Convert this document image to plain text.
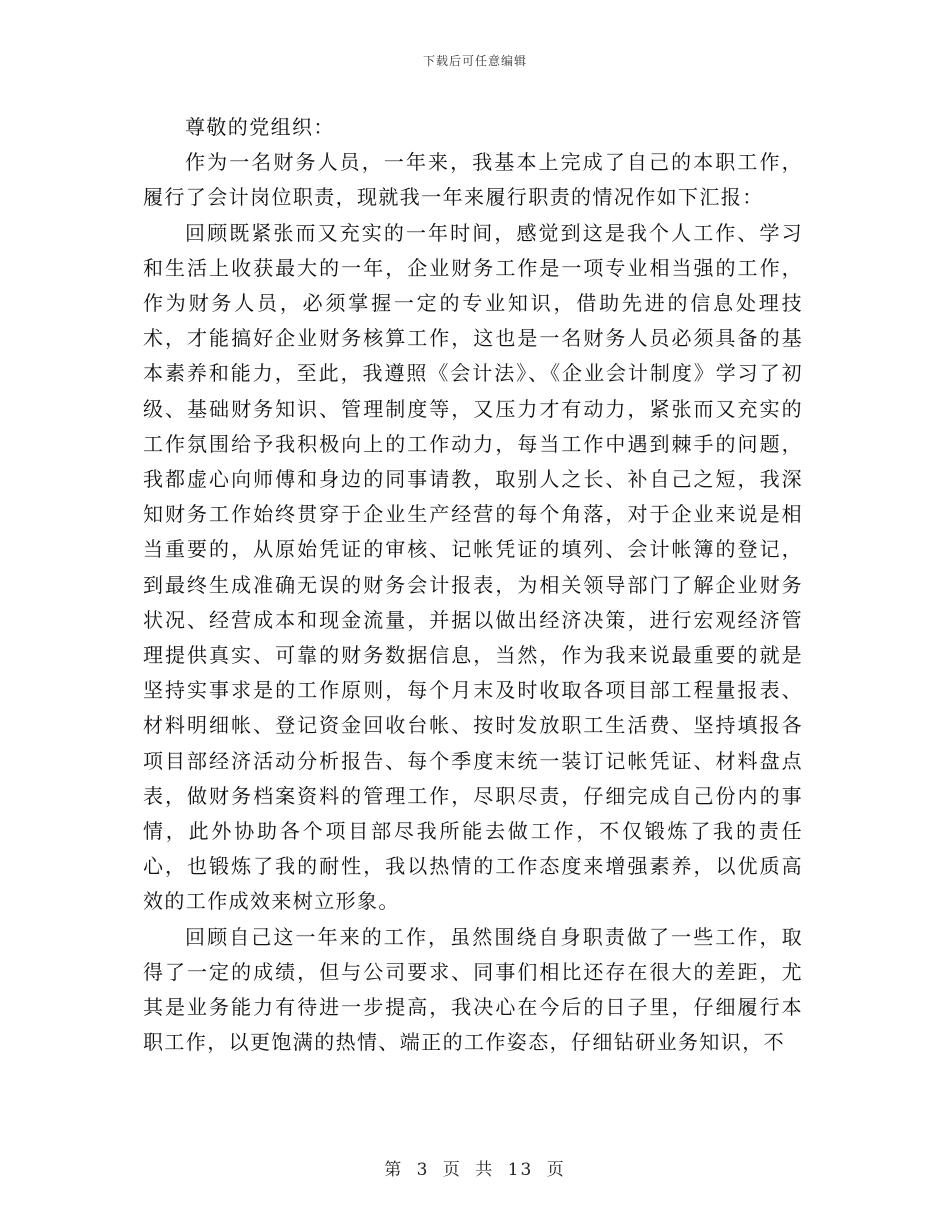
下载后可任意编辑

尊敬的党组织：

作为一名财务人员，一年来，我基本上完成了自己的本职工作，履行了会计岗位职责，现就我一年来履行职责的情况作如下汇报：

回顾既紧张而又充实的一年时间，感觉到这是我个人工作、学习和生活上收获最大的一年，企业财务工作是一项专业相当强的工作，作为财务人员，必须掌握一定的专业知识，借助先进的信息处理技术，才能搞好企业财务核算工作，这也是一名财务人员必须具备的基本素养和能力，至此，我遵照《会计法》、《企业会计制度》学习了初级、基础财务知识、管理制度等，又压力才有动力，紧张而又充实的工作氛围给予我积极向上的工作动力，每当工作中遇到棘手的问题，我都虚心向师傅和身边的同事请教，取别人之长、补自己之短，我深知财务工作始终贯穿于企业生产经营的每个角落，对于企业来说是相当重要的，从原始凭证的审核、记帐凭证的填列、会计帐簿的登记，到最终生成准确无误的财务会计报表，为相关领导部门了解企业财务状况、经营成本和现金流量，并据以做出经济决策，进行宏观经济管理提供真实、可靠的财务数据信息，当然，作为我来说最重要的就是坚持实事求是的工作原则，每个月末及时收取各项目部工程量报表、材料明细帐、登记资金回收台帐、按时发放职工生活费、坚持填报各项目部经济活动分析报告、每个季度末统一装订记帐凭证、材料盘点表，做财务档案资料的管理工作，尽职尽责，仔细完成自己份内的事情，此外协助各个项目部尽我所能去做工作，不仅锻炼了我的责任心，也锻炼了我的耐性，我以热情的工作态度来增强素养，以优质高效的工作成效来树立形象。

回顾自己这一年来的工作，虽然围绕自身职责做了一些工作，取得了一定的成绩，但与公司要求、同事们相比还存在很大的差距，尤其是业务能力有待进一步提高，我决心在今后的日子里，仔细履行本职工作，以更饱满的热情、端正的工作姿态，仔细钻研业务知识，不

第 3 页 共 13 页
